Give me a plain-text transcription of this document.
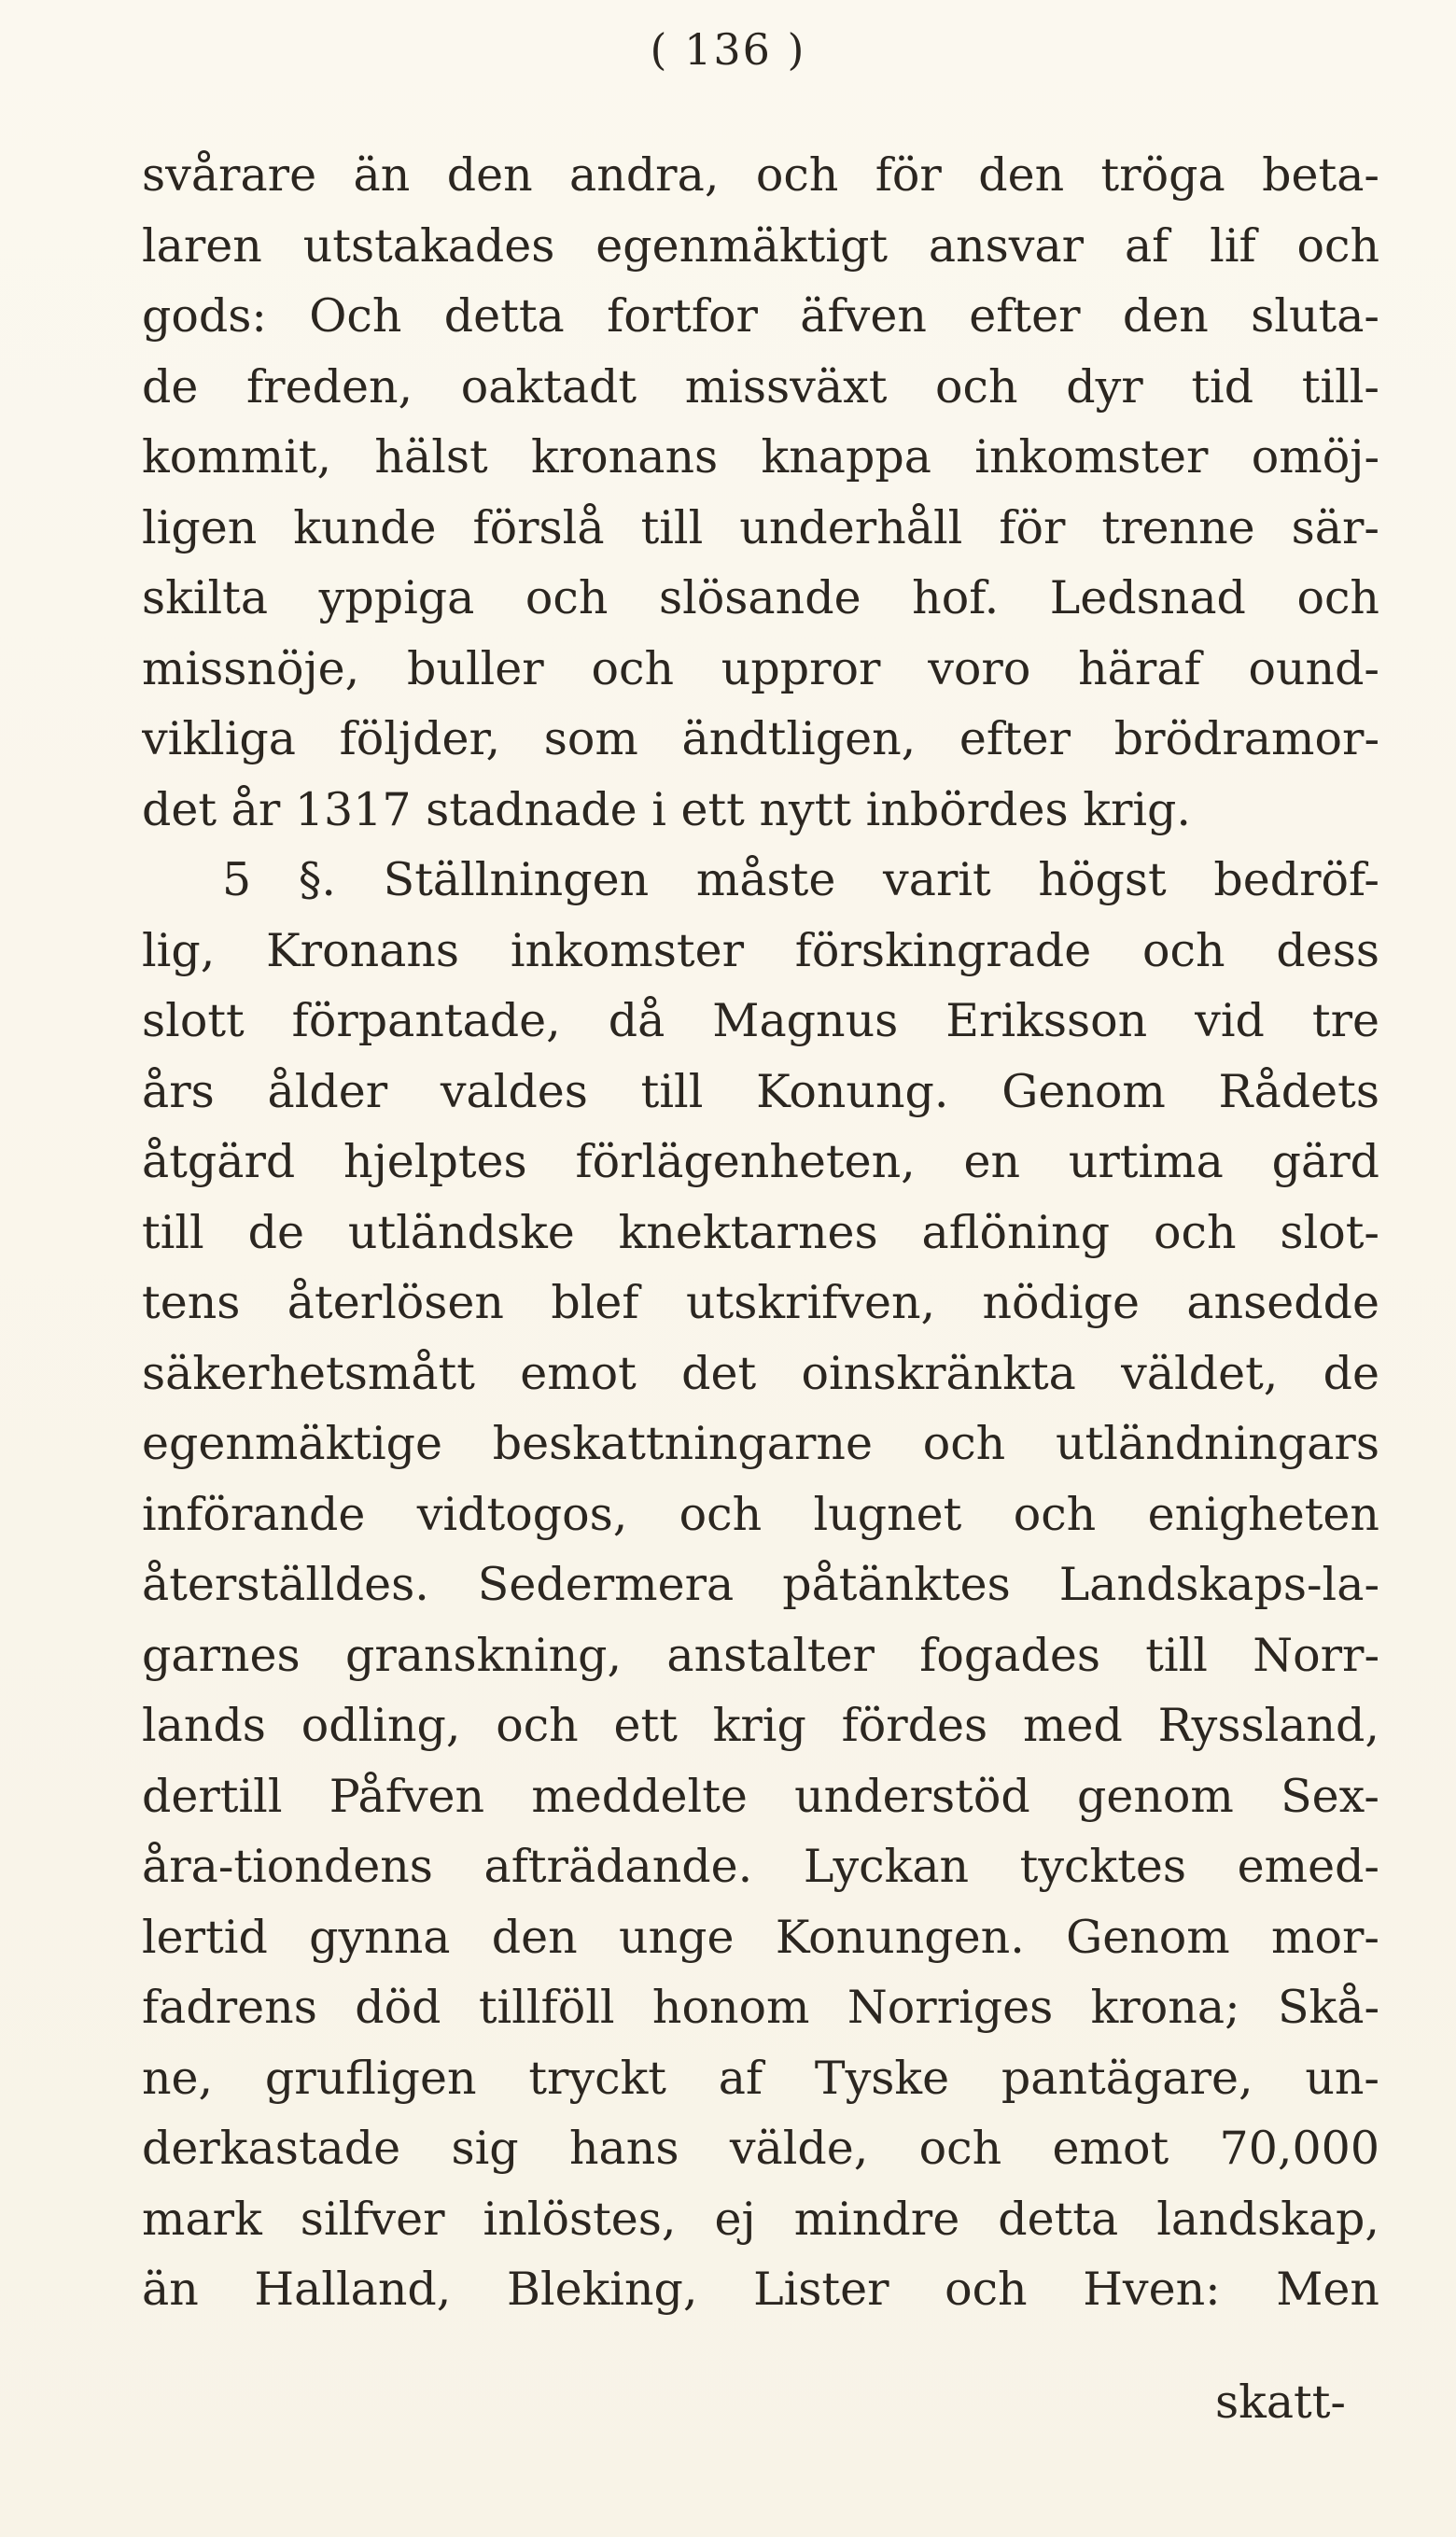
( 136 )
svårare än den andra, och för den tröga beta-
laren utstakades egenmäktigt ansvar af lif och
gods: Och detta fortfor äfven efter den sluta-
de freden, oaktadt missväxt och dyr tid till-
kommit, hälst kronans knappa inkomster omöj-
ligen kunde förslå till underhåll för trenne sär-
skilta yppiga och slösande hof. Ledsnad och
missnöje, buller och uppror voro häraf ound-
vikliga följder, som ändtligen, efter brödramor-
det år 1317 stadnade i ett nytt inbördes krig.
5 §. Ställningen måste varit högst bedröf-
lig, Kronans inkomster förskingrade och dess
slott förpantade, då Magnus Eriksson vid tre
års ålder valdes till Konung. Genom Rådets
åtgärd hjelptes förlägenheten, en urtima gärd
till de utländske knektarnes aflöning och slot-
tens återlösen blef utskrifven, nödige ansedde
säkerhetsmått emot det oinskränkta väldet, de
egenmäktige beskattningarne och utländningars
införande vidtogos, och lugnet och enigheten
återställdes. Sedermera påtänktes Landskaps-la-
garnes granskning, anstalter fogades till Norr-
lands odling, och ett krig fördes med Ryssland,
dertill Påfven meddelte understöd genom Sex-
åra-tiondens afträdande. Lyckan tycktes emed-
lertid gynna den unge Konungen. Genom mor-
fadrens död tillföll honom Norriges krona; Skå-
ne, grufligen tryckt af Tyske pantägare, un-
derkastade sig hans välde, och emot 70,000
mark silfver inlöstes, ej mindre detta landskap,
än Halland, Bleking, Lister och Hven: Men
skatt-
